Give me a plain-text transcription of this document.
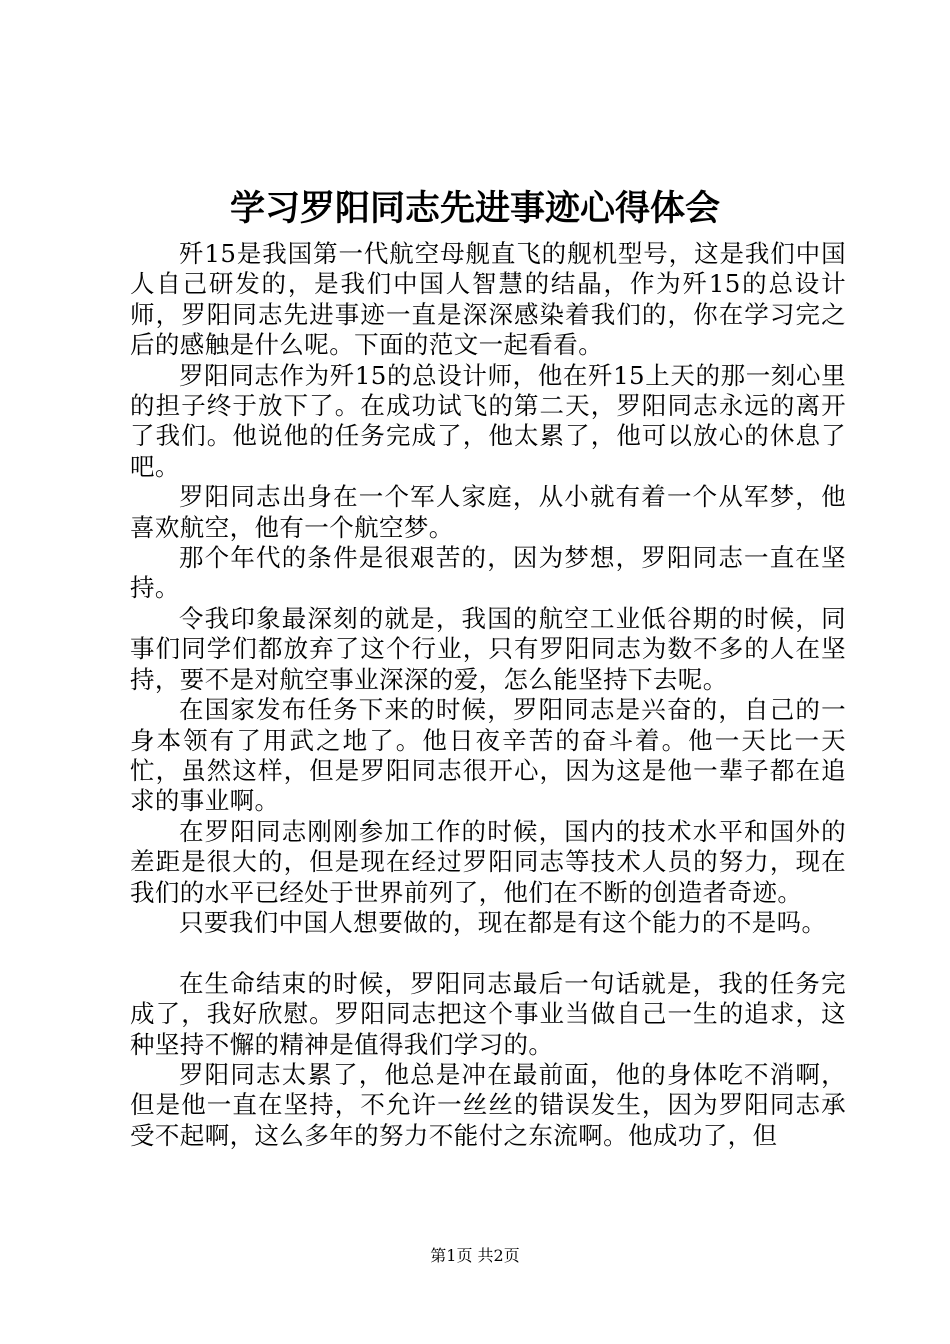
学习罗阳同志先进事迹心得体会

歼15是我国第一代航空母舰直飞的舰机型号，这是我们中国人自己研发的，是我们中国人智慧的结晶，作为歼15的总设计师，罗阳同志先进事迹一直是深深感染着我们的，你在学习完之后的感触是什么呢。下面的范文一起看看。

罗阳同志作为歼15的总设计师，他在歼15上天的那一刻心里的担子终于放下了。在成功试飞的第二天，罗阳同志永远的离开了我们。他说他的任务完成了，他太累了，他可以放心的休息了吧。

罗阳同志出身在一个军人家庭，从小就有着一个从军梦，他喜欢航空，他有一个航空梦。

那个年代的条件是很艰苦的，因为梦想，罗阳同志一直在坚持。

令我印象最深刻的就是，我国的航空工业低谷期的时候，同事们同学们都放弃了这个行业，只有罗阳同志为数不多的人在坚持，要不是对航空事业深深的爱，怎么能坚持下去呢。

在国家发布任务下来的时候，罗阳同志是兴奋的，自己的一身本领有了用武之地了。他日夜辛苦的奋斗着。他一天比一天忙，虽然这样，但是罗阳同志很开心，因为这是他一辈子都在追求的事业啊。

在罗阳同志刚刚参加工作的时候，国内的技术水平和国外的差距是很大的，但是现在经过罗阳同志等技术人员的努力，现在我们的水平已经处于世界前列了，他们在不断的创造者奇迹。

只要我们中国人想要做的，现在都是有这个能力的不是吗。

在生命结束的时候，罗阳同志最后一句话就是，我的任务完成了，我好欣慰。罗阳同志把这个事业当做自己一生的追求，这种坚持不懈的精神是值得我们学习的。

罗阳同志太累了，他总是冲在最前面，他的身体吃不消啊，但是他一直在坚持，不允许一丝丝的错误发生，因为罗阳同志承受不起啊，这么多年的努力不能付之东流啊。他成功了，但

第1页 共2页
